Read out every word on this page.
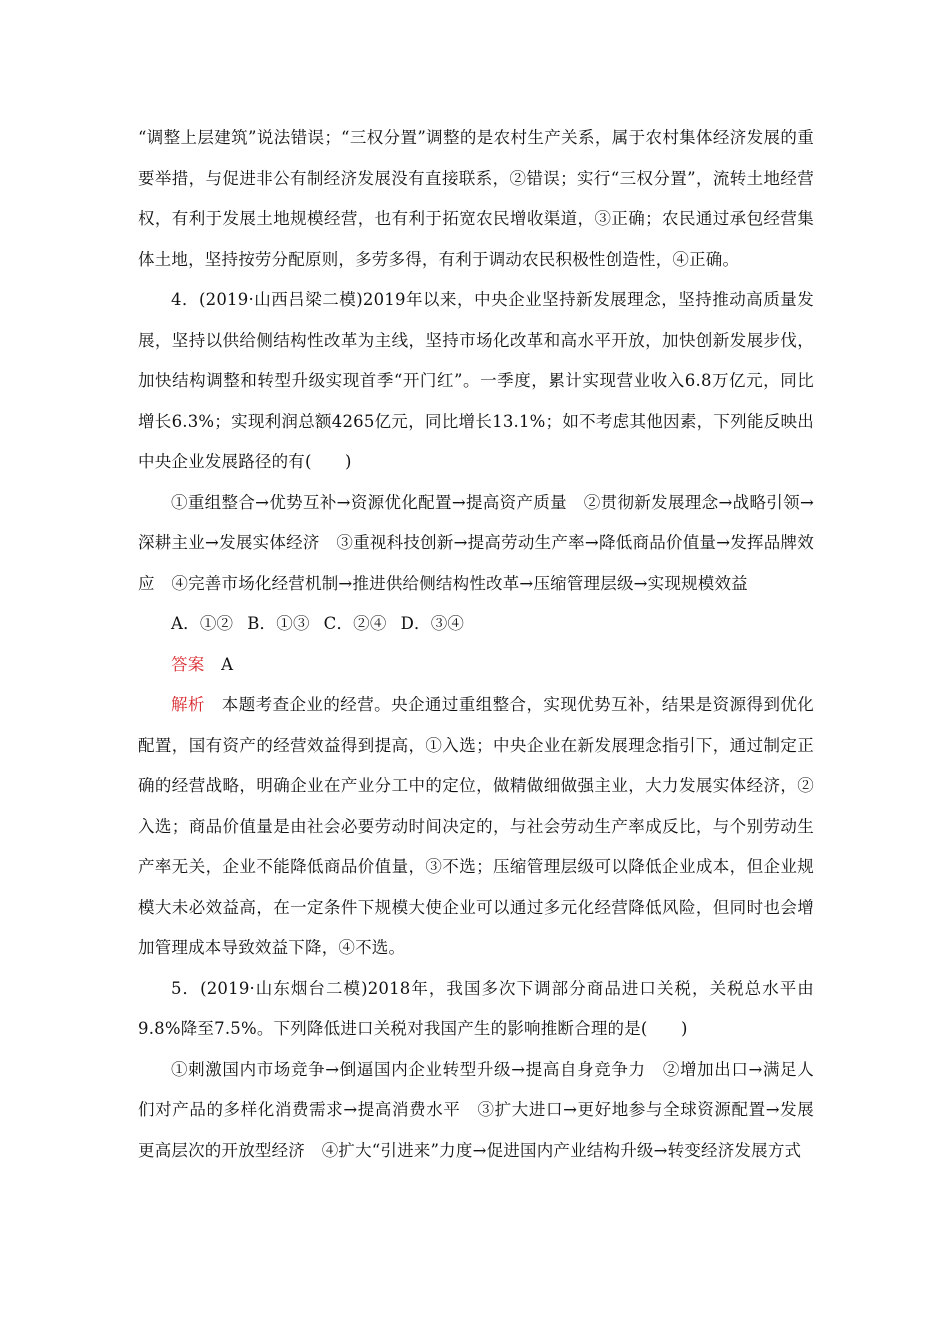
“调整上层建筑”说法错误；“三权分置”调整的是农村生产关系，属于农村集体经济发展的重要举措，与促进非公有制经济发展没有直接联系，②错误；实行“三权分置”，流转土地经营权，有利于发展土地规模经营，也有利于拓宽农民增收渠道，③正确；农民通过承包经营集体土地，坚持按劳分配原则，多劳多得，有利于调动农民积极性创造性，④正确。

4．(2019·山西吕梁二模)2019年以来，中央企业坚持新发展理念，坚持推动高质量发展，坚持以供给侧结构性改革为主线，坚持市场化改革和高水平开放，加快创新发展步伐，加快结构调整和转型升级实现首季“开门红”。一季度，累计实现营业收入6.8万亿元，同比增长6.3%；实现利润总额4265亿元，同比增长13.1%；如不考虑其他因素，下列能反映出中央企业发展路径的有(　　)

①重组整合→优势互补→资源优化配置→提高资产质量　②贯彻新发展理念→战略引领→深耕主业→发展实体经济　③重视科技创新→提高劳动生产率→降低商品价值量→发挥品牌效应　④完善市场化经营机制→推进供给侧结构性改革→压缩管理层级→实现规模效益

A．①② B．①③ C．②④ D．③④

答案　 A

解析　 本题考查企业的经营。央企通过重组整合，实现优势互补，结果是资源得到优化配置，国有资产的经营效益得到提高，①入选；中央企业在新发展理念指引下，通过制定正确的经营战略，明确企业在产业分工中的定位，做精做细做强主业，大力发展实体经济，②入选；商品价值量是由社会必要劳动时间决定的，与社会劳动生产率成反比，与个别劳动生产率无关，企业不能降低商品价值量，③不选；压缩管理层级可以降低企业成本，但企业规模大未必效益高，在一定条件下规模大使企业可以通过多元化经营降低风险，但同时也会增加管理成本导致效益下降，④不选。

5．(2019·山东烟台二模)2018年，我国多次下调部分商品进口关税，关税总水平由9.8%降至7.5%。下列降低进口关税对我国产生的影响推断合理的是(　　)

①刺激国内市场竞争→倒逼国内企业转型升级→提高自身竞争力　②增加出口→满足人们对产品的多样化消费需求→提高消费水平　③扩大进口→更好地参与全球资源配置→发展更高层次的开放型经济　④扩大“引进来”力度→促进国内产业结构升级→转变经济发展方式
